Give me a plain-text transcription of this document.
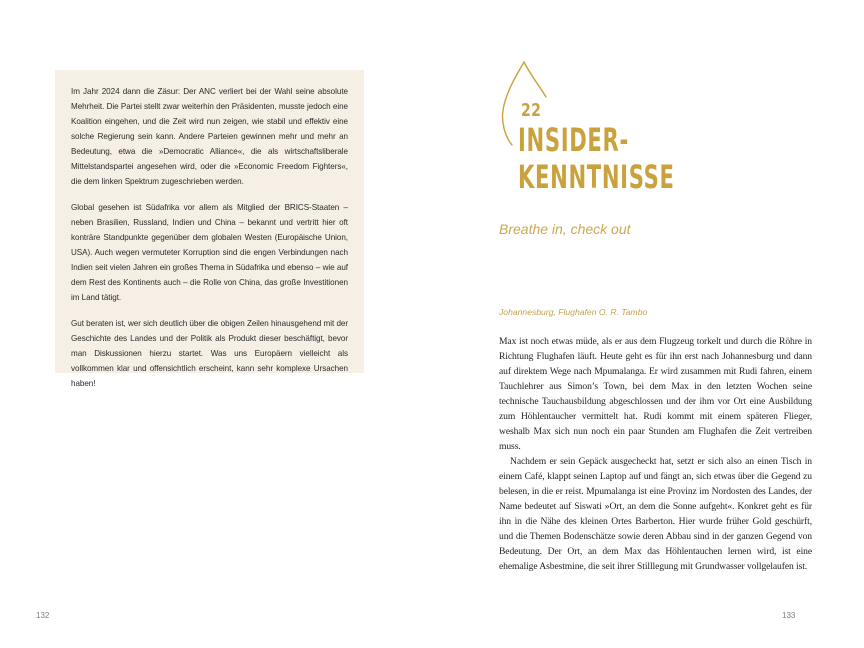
Im Jahr 2024 dann die Zäsur: Der ANC verliert bei der Wahl seine absolute Mehrheit. Die Partei stellt zwar weiterhin den Präsidenten, musste jedoch eine Koalition eingehen, und die Zeit wird nun zeigen, wie stabil und effektiv eine solche Regierung sein kann. Andere Parteien gewinnen mehr und mehr an Bedeutung, etwa die »Democratic Alliance«, die als wirtschaftsliberale Mittelstandspartei angesehen wird, oder die »Economic Freedom Fighters«, die dem linken Spektrum zugeschrieben werden.

Global gesehen ist Südafrika vor allem als Mitglied der BRICS-Staaten – neben Brasilien, Russland, Indien und China – bekannt und vertritt hier oft konträre Standpunkte gegenüber dem globalen Westen (Europäische Union, USA). Auch wegen vermuteter Korruption sind die engen Verbindungen nach Indien seit vielen Jahren ein großes Thema in Südafrika und ebenso – wie auf dem Rest des Kontinents auch – die Rolle von China, das große Investitionen im Land tätigt.

Gut beraten ist, wer sich deutlich über die obigen Zeilen hinausgehend mit der Geschichte des Landes und der Politik als Produkt dieser beschäftigt, bevor man Diskussionen hierzu startet. Was uns Europäern vielleicht als vollkommen klar und offensichtlich erscheint, kann sehr komplexe Ursachen haben!

132
22
INSIDER-
KENNTNISSE
Breathe in, check out
Johannesburg, Flughafen O. R. Tambo

Max ist noch etwas müde, als er aus dem Flugzeug torkelt und durch die Röhre in Richtung Flughafen läuft. Heute geht es für ihn erst nach Johannesburg und dann auf direktem Wege nach Mpumalanga. Er wird zusammen mit Rudi fahren, einem Tauchlehrer aus Simon’s Town, bei dem Max in den letzten Wochen seine technische Tauchausbildung abgeschlossen und der ihm vor Ort eine Ausbildung zum Höhlentaucher vermittelt hat. Rudi kommt mit einem späteren Flieger, weshalb Max sich nun noch ein paar Stunden am Flughafen die Zeit vertreiben muss.

Nachdem er sein Gepäck ausgecheckt hat, setzt er sich also an einen Tisch in einem Café, klappt seinen Laptop auf und fängt an, sich etwas über die Gegend zu belesen, in die er reist. Mpumalanga ist eine Provinz im Nordosten des Landes, der Name bedeutet auf Siswati »Ort, an dem die Sonne aufgeht«. Konkret geht es für ihn in die Nähe des kleinen Ortes Barberton. Hier wurde früher Gold geschürft, und die Themen Bodenschätze sowie deren Abbau sind in der ganzen Gegend von Bedeutung. Der Ort, an dem Max das Höhlentauchen lernen wird, ist eine ehemalige Asbestmine, die seit ihrer Stilllegung mit Grundwasser vollgelaufen ist.

133
